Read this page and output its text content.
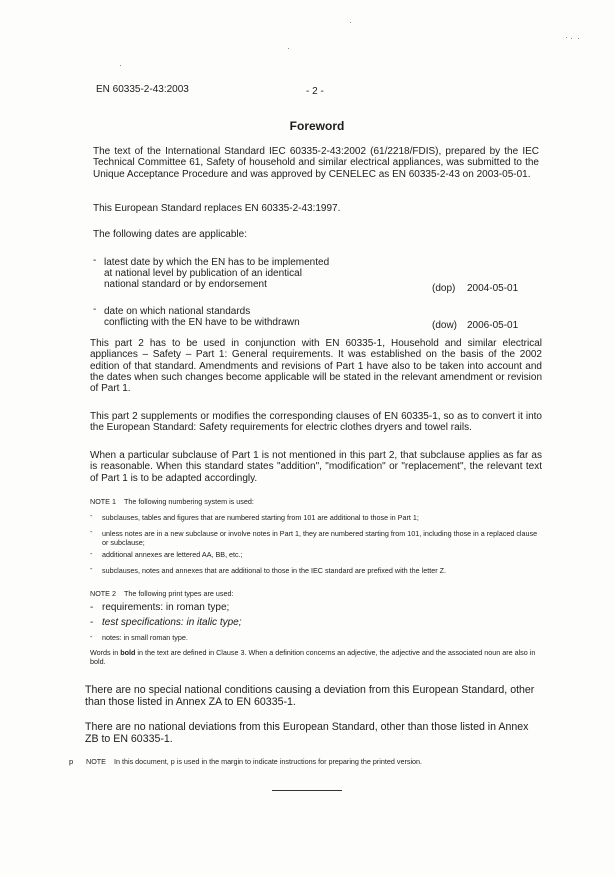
EN 60335-2-43:2003	- 2 -
Foreword
The text of the International Standard IEC 60335-2-43:2002 (61/2218/FDIS), prepared by the IEC Technical Committee 61, Safety of household and similar electrical appliances, was submitted to the Unique Acceptance Procedure and was approved by CENELEC as EN 60335-2-43 on 2003-05-01.
This European Standard replaces EN 60335-2-43:1997.
The following dates are applicable:
- latest date by which the EN has to be implemented
at national level by publication of an identical
national standard or by endorsement	(dop) 2004-05-01
- date on which national standards
conflicting with the EN have to be withdrawn	(dow) 2006-05-01
This part 2 has to be used in conjunction with EN 60335-1, Household and similar electrical appliances – Safety – Part 1: General requirements. It was established on the basis of the 2002 edition of that standard. Amendments and revisions of Part 1 have also to be taken into account and the dates when such changes become applicable will be stated in the relevant amendment or revision of Part 1.
This part 2 supplements or modifies the corresponding clauses of EN 60335-1, so as to convert it into the European Standard: Safety requirements for electric clothes dryers and towel rails.
When a particular subclause of Part 1 is not mentioned in this part 2, that subclause applies as far as is reasonable. When this standard states "addition", "modification" or "replacement", the relevant text of Part 1 is to be adapted accordingly.
NOTE 1 The following numbering system is used:
- subclauses, tables and figures that are numbered starting from 101 are additional to those in Part 1;
- unless notes are in a new subclause or involve notes in Part 1, they are numbered starting from 101, including those in a replaced clause or subclause;
- additional annexes are lettered AA, BB, etc.;
- subclauses, notes and annexes that are additional to those in the IEC standard are prefixed with the letter Z.
NOTE 2 The following print types are used:
- requirements: in roman type;
- test specifications: in italic type;
- notes: in small roman type.
Words in bold in the text are defined in Clause 3. When a definition concerns an adjective, the adjective and the associated noun are also in bold.
There are no special national conditions causing a deviation from this European Standard, other than those listed in Annex ZA to EN 60335-1.
There are no national deviations from this European Standard, other than those listed in Annex ZB to EN 60335-1.
p NOTE In this document, p is used in the margin to indicate instructions for preparing the printed version.
